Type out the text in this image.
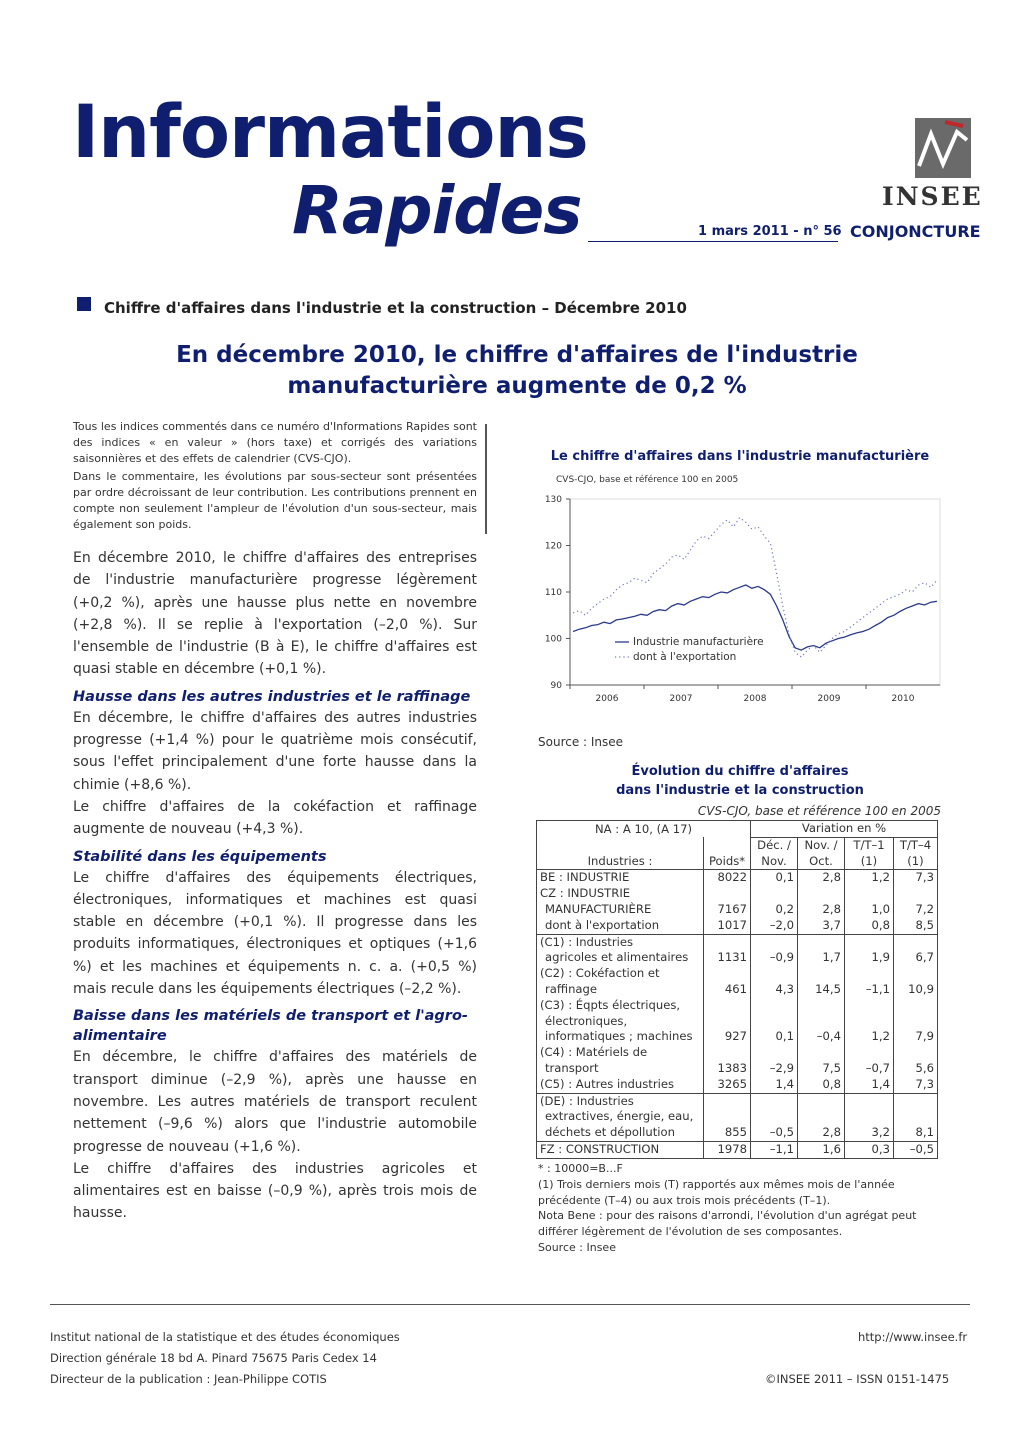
Informations
Rapides	1 mars 2011 - n° 56 CONJONCTURE
INSEE
Chiffre d'affaires dans l'industrie et la construction – Décembre 2010
En décembre 2010, le chiffre d'affaires de l'industrie manufacturière augmente de 0,2 %

Tous les indices commentés dans ce numéro d'Informations Rapides sont des indices « en valeur » (hors taxe) et corrigés des variations saisonnières et des effets de calendrier (CVS-CJO).

Dans le commentaire, les évolutions par sous-secteur sont présentées par ordre décroissant de leur contribution. Les contributions prennent en compte non seulement l'ampleur de l'évolution d'un sous-secteur, mais également son poids.

En décembre 2010, le chiffre d'affaires des entreprises de l'industrie manufacturière progresse légèrement (+0,2 %), après une hausse plus nette en novembre (+2,8 %). Il se replie à l'exportation (–2,0 %). Sur l'ensemble de l'industrie (B à E), le chiffre d'affaires est quasi stable en décembre (+0,1 %).

Hausse dans les autres industries et le raffinage

En décembre, le chiffre d'affaires des autres industries progresse (+1,4 %) pour le quatrième mois consécutif, sous l'effet principalement d'une forte hausse dans la chimie (+8,6 %).

Le chiffre d'affaires de la cokéfaction et raffinage augmente de nouveau (+4,3 %).

Stabilité dans les équipements

Le chiffre d'affaires des équipements électriques, électroniques, informatiques et machines est quasi stable en décembre (+0,1 %). Il progresse dans les produits informatiques, électroniques et optiques (+1,6 %) et les machines et équipements n. c. a. (+0,5 %) mais recule dans les équipements électriques (–2,2 %).

Baisse dans les matériels de transport et l'agro-alimentaire

En décembre, le chiffre d'affaires des matériels de transport diminue (–2,9 %), après une hausse en novembre. Les autres matériels de transport reculent nettement (–9,6 %) alors que l'industrie automobile progresse de nouveau (+1,6 %).

Le chiffre d'affaires des industries agricoles et alimentaires est en baisse (–0,9 %), après trois mois de hausse.

Le chiffre d'affaires dans l'industrie manufacturière
CVS-CJO, base et référence 100 en 2005
90
100
110
120
130
2006	2007	2008	2009	2010
Industrie manufacturière
dont à l'exportation
Source : Insee
Évolution du chiffre d'affaires
dans l'industrie et la construction
CVS-CJO, base et référence 100 en 2005
NA : A 10, (A 17)		Variation en %			
		Déc. /	Nov. /	T/T–1	T/T–4
Industries :	Poids*	Nov.	Oct.	(1)	(1)
BE : INDUSTRIE	8022	0,1	2,8	1,2	7,3
CZ : INDUSTRIE					
MANUFACTURIÈRE	7167	0,2	2,8	1,0	7,2
dont à l'exportation	1017	–2,0	3,7	0,8	8,5
(C1) : Industries					
agricoles et alimentaires	1131	–0,9	1,7	1,9	6,7
(C2) : Cokéfaction et					
raffinage	461	4,3	14,5	–1,1	10,9
(C3) : Éqpts électriques,					
électroniques,					
informatiques ; machines	927	0,1	–0,4	1,2	7,9
(C4) : Matériels de					
transport	1383	–2,9	7,5	–0,7	5,6
(C5) : Autres industries	3265	1,4	0,8	1,4	7,3
(DE) : Industries					
extractives, énergie, eau,					
déchets et dépollution	855	–0,5	2,8	3,2	8,1
FZ : CONSTRUCTION	1978	–1,1	1,6	0,3	–0,5

* : 10000=B...F

(1) Trois derniers mois (T) rapportés aux mêmes mois de l'année précédente (T–4) ou aux trois mois précédents (T–1).

Nota Bene : pour des raisons d'arrondi, l'évolution d'un agrégat peut différer légèrement de l'évolution de ses composantes.

Source : Insee

Institut national de la statistique et des études économiques
Direction générale 18 bd A. Pinard 75675 Paris Cedex 14
Directeur de la publication : Jean-Philippe COTIS
http://www.insee.fr
©INSEE 2011 – ISSN 0151-1475
